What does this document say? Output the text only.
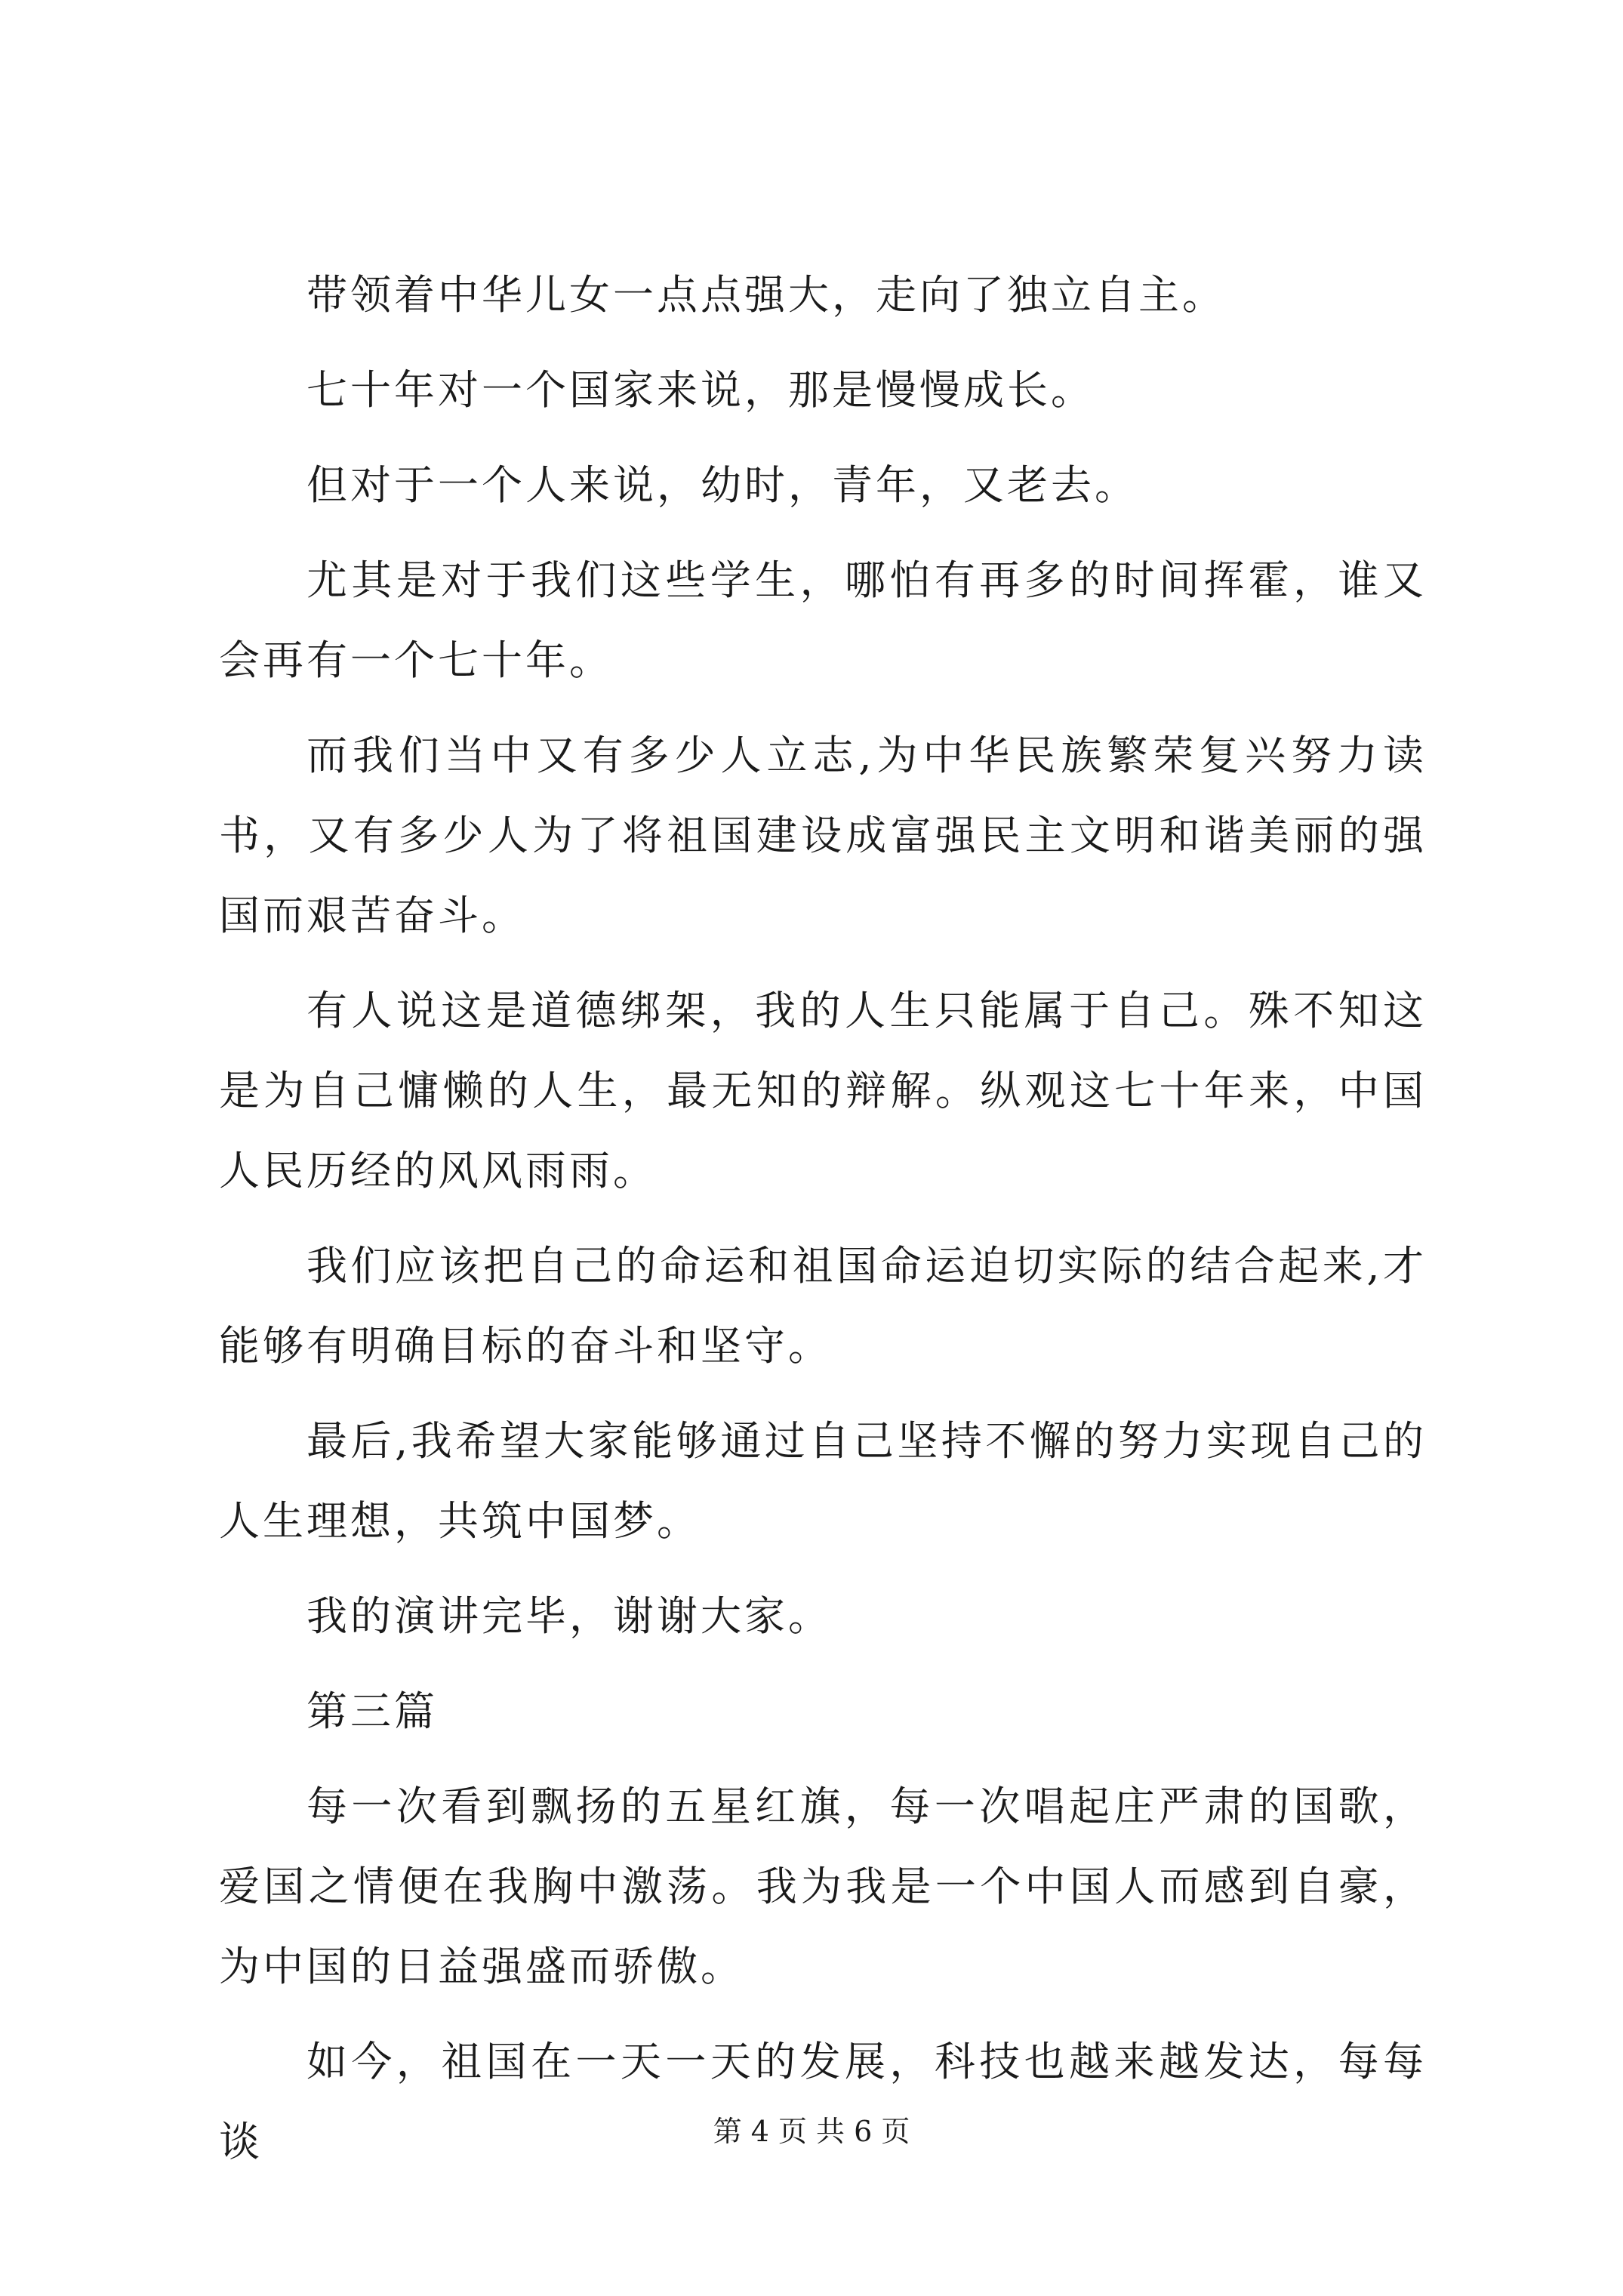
带领着中华儿女一点点强大，走向了独立自主。

七十年对一个国家来说，那是慢慢成长。

但对于一个人来说，幼时，青年，又老去。

尤其是对于我们这些学生，哪怕有再多的时间挥霍，谁又会再有一个七十年。

而我们当中又有多少人立志,为中华民族繁荣复兴努力读书，又有多少人为了将祖国建设成富强民主文明和谐美丽的强国而艰苦奋斗。

有人说这是道德绑架，我的人生只能属于自己。殊不知这是为自己慵懒的人生，最无知的辩解。纵观这七十年来，中国人民历经的风风雨雨。

我们应该把自己的命运和祖国命运迫切实际的结合起来,才能够有明确目标的奋斗和坚守。

最后,我希望大家能够通过自己坚持不懈的努力实现自己的人生理想，共筑中国梦。

我的演讲完毕，谢谢大家。

第三篇

每一次看到飘扬的五星红旗，每一次唱起庄严肃的国歌，爱国之情便在我胸中激荡。我为我是一个中国人而感到自豪，为中国的日益强盛而骄傲。

如今，祖国在一天一天的发展，科技也越来越发达，每每谈	第 4 页 共 6 页
